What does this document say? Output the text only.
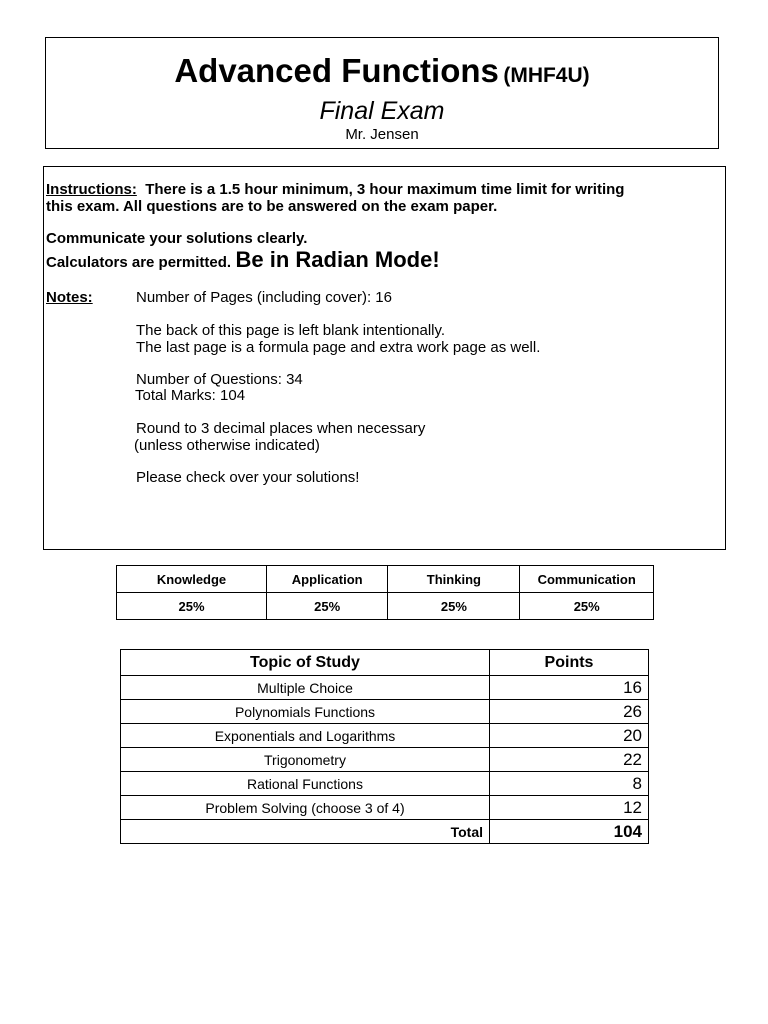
Advanced Functions (MHF4U)
Final Exam
Mr. Jensen
Instructions: There is a 1.5 hour minimum, 3 hour maximum time limit for writing
this exam. All questions are to be answered on the exam paper.
Communicate your solutions clearly.
Calculators are permitted. Be in Radian Mode!
Notes:	Number of Pages (including cover): 16
The back of this page is left blank intentionally.
The last page is a formula page and extra work page as well.
Number of Questions: 34
Total Marks: 104
Round to 3 decimal places when necessary
(unless otherwise indicated)
Please check over your solutions!
Knowledge	Application	Thinking	Communication
25%	25%	25%	25%
Topic of Study	Points
Multiple Choice	16
Polynomials Functions	26
Exponentials and Logarithms	20
Trigonometry	22
Rational Functions	8
Problem Solving (choose 3 of 4)	12
Total	104
